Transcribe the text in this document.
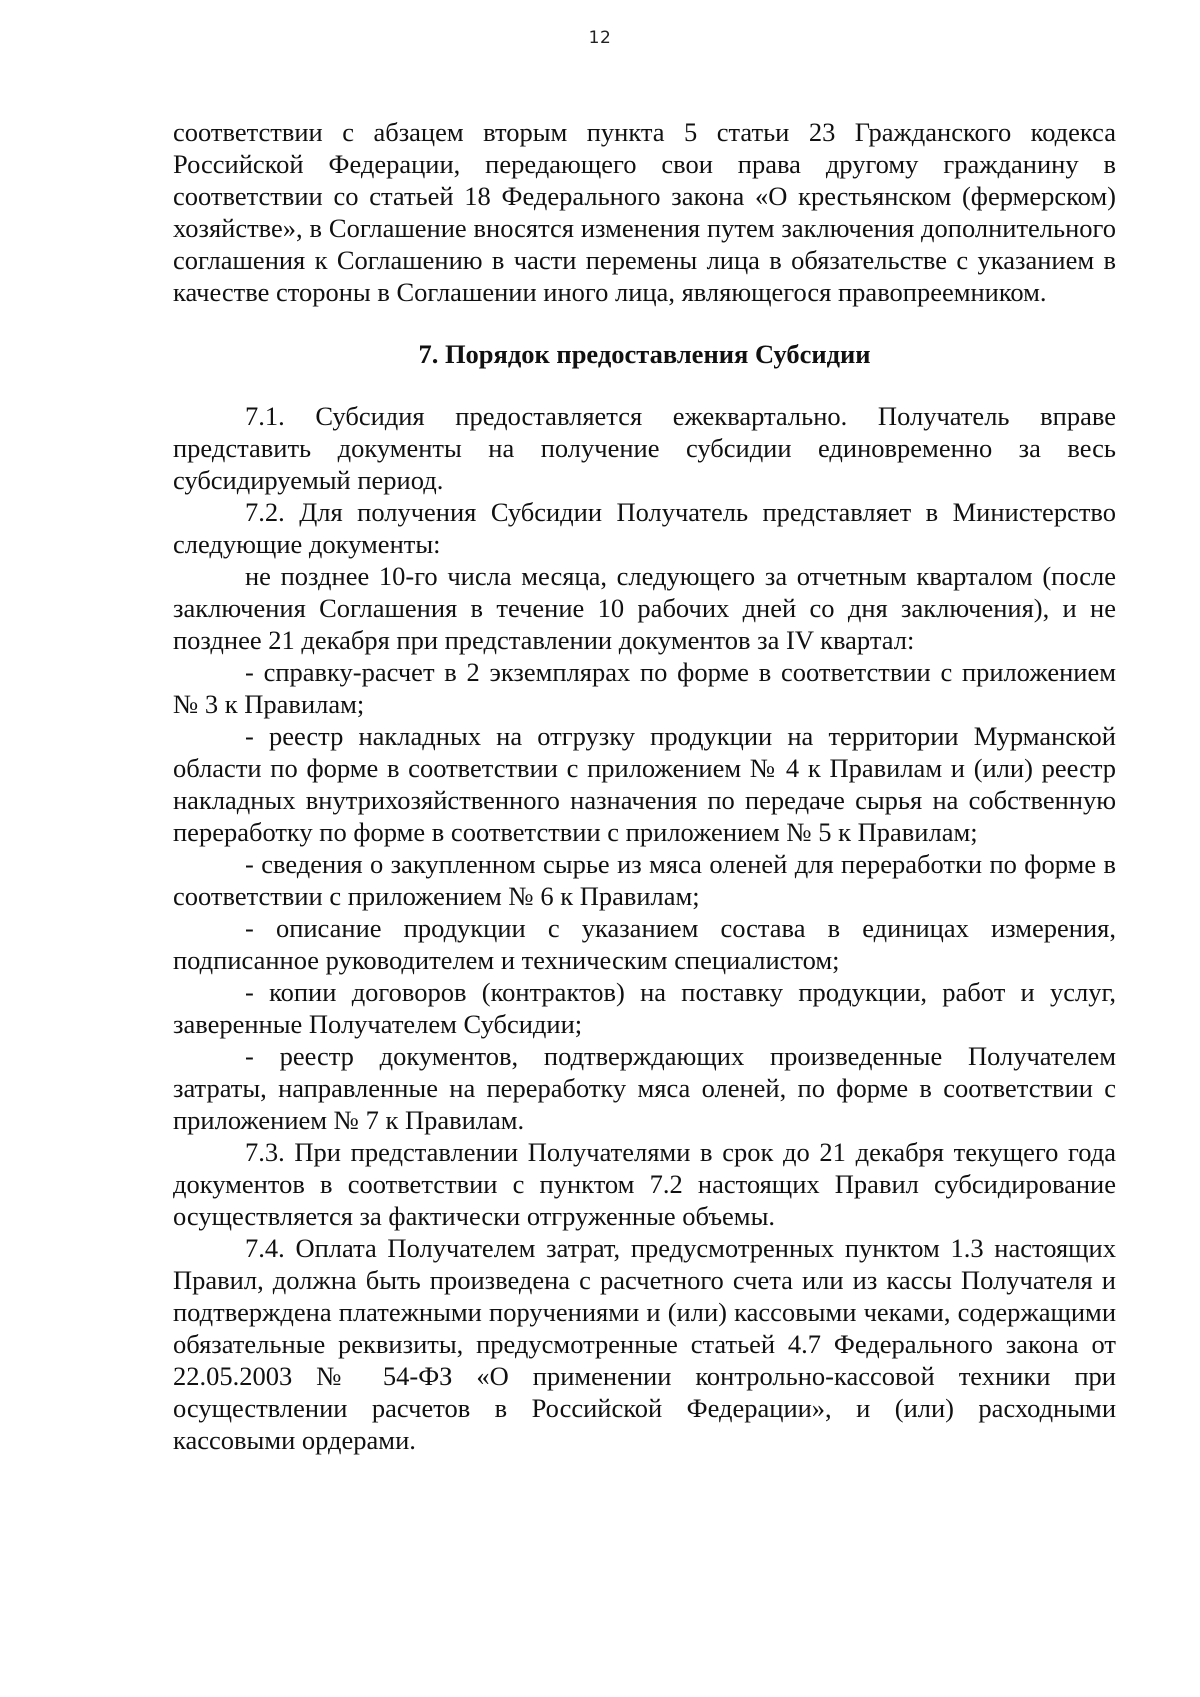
12

соответствии с абзацем вторым пункта 5 статьи 23 Гражданского кодекса Российской Федерации, передающего свои права другому гражданину в соответствии со статьей 18 Федерального закона «О крестьянском (фермерском) хозяйстве», в Соглашение вносятся изменения путем заключения дополнительного соглашения к Соглашению в части перемены лица в обязательстве с указанием в качестве стороны в Соглашении иного лица, являющегося правопреемником.

7. Порядок предоставления Субсидии

7.1. Субсидия предоставляется ежеквартально. Получатель вправе представить документы на получение субсидии единовременно за весь субсидируемый период.

7.2. Для получения Субсидии Получатель представляет в Министерство следующие документы:

не позднее 10-го числа месяца, следующего за отчетным кварталом (после заключения Соглашения в течение 10 рабочих дней со дня заключения), и не позднее 21 декабря при представлении документов за IV квартал:

- справку-расчет в 2 экземплярах по форме в соответствии с приложением № 3 к Правилам;

- реестр накладных на отгрузку продукции на территории Мурманской области по форме в соответствии с приложением № 4 к Правилам и (или) реестр накладных внутрихозяйственного назначения по передаче сырья на собственную переработку по форме в соответствии с приложением № 5 к Правилам;

- сведения о закупленном сырье из мяса оленей для переработки по форме в соответствии с приложением № 6 к Правилам;

- описание продукции с указанием состава в единицах измерения, подписанное руководителем и техническим специалистом;

- копии договоров (контрактов) на поставку продукции, работ и услуг, заверенные Получателем Субсидии;

- реестр документов, подтверждающих произведенные Получателем затраты, направленные на переработку мяса оленей, по форме в соответствии с приложением № 7 к Правилам.

7.3. При представлении Получателями в срок до 21 декабря текущего года документов в соответствии с пунктом 7.2 настоящих Правил субсидирование осуществляется за фактически отгруженные объемы.

7.4. Оплата Получателем затрат, предусмотренных пунктом 1.3 настоящих Правил, должна быть произведена с расчетного счета или из кассы Получателя и подтверждена платежными поручениями и (или) кассовыми чеками, содержащими обязательные реквизиты, предусмотренные статьей 4.7 Федерального закона от 22.05.2003 № 54-ФЗ «О применении контрольно-кассовой техники при осуществлении расчетов в Российской Федерации», и (или) расходными кассовыми ордерами.
